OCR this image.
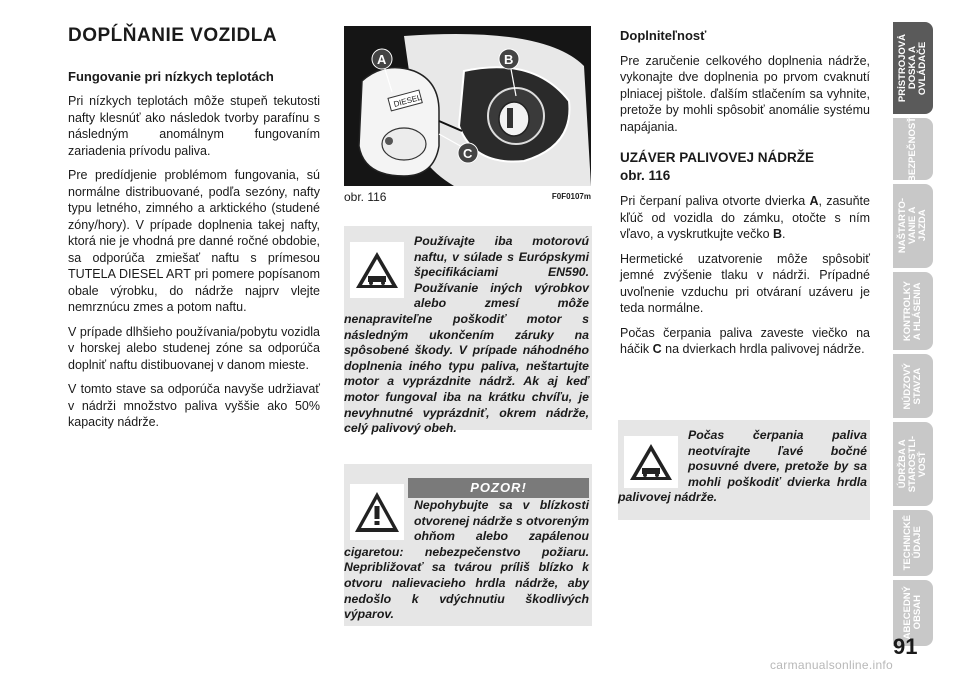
DOPĹŇANIE VOZIDLA
Fungovanie pri nízkych teplotách

Pri nízkych teplotách môže stupeň tekutosti nafty klesnúť ako následok tvorby parafínu s následným anomálnym fungovaním zariadenia prívodu paliva.

Pre predídjenie problémom fungovania, sú normálne distribuované, podľa sezóny, nafty typu letného, zimného a arktického (studené zóny/hory). V prípade doplnenia takej nafty, ktorá nie je vhodná pre danné ročné obdobie, sa odporúča zmiešať naftu s prímesou TUTELA DIESEL ART pri pomere popísanom obale výrobku, do nádrže najprv vlejte nemrznúcu zmes a potom naftu.

V prípade dlhšieho používania/pobytu vozidla v horskej alebo studenej zóne sa odporúča doplniť naftu distibuovanej v danom mieste.

V tomto stave sa odporúča navyše udržiavať v nádrži množstvo paliva vyššie ako 50% kapacity nádrže.

DIESEL
A	B
C
obr. 116	F0F0107m
Používajte iba motorovú naftu, v súlade s Európskymi špecifikáciami EN590. Používanie iných výrobkov alebo zmesí môže nenapraviteľne poškodiť motor s následným ukončením záruky na spôsobené škody. V prípade náhodného doplnenia iného typu paliva, neštartujte motor a vyprázdnite nádrž. Ak aj keď motor fungoval iba na krátku chvíľu, je nevyhnutné vyprázdniť, okrem nádrže, celý palivový obeh.
POZOR!
Nepohybujte sa v blízkosti otvorenej nádrže s otvoreným ohňom alebo zapálenou cigaretou: nebezpečenstvo požiaru. Nepribližovať sa tvárou príliš blízko k otvoru nalievacieho hrdla nádrže, aby nedošlo k vdýchnutiu škodlivých výparov.
Doplniteľnosť

Pre zaručenie celkového doplnenia nádrže, vykonajte dve doplnenia po prvom cvaknutí plniacej pištole. ďalším stlačením sa vyhnite, pretože by mohli spôsobiť anomálie systému napájania.

UZÁVER PALIVOVEJ NÁDRŽE
obr. 116

Pri čerpaní paliva otvorte dvierka A, zasuňte kľúč od vozidla do zámku, otočte s ním vľavo, a vyskrutkujte večko B.

Hermetické uzatvorenie môže spôsobiť jemné zvýšenie tlaku v nádrži. Prípadné uvoľnenie vzduchu pri otváraní uzáveru je teda normálne.

Počas čerpania paliva zaveste viečko na háčik C na dvierkach hrdla palivovej nádrže.

Počas čerpania paliva neotvírajte ľavé bočné posuvné dvere, pretože by sa mohli poškodiť dvierka hrdla palivovej nádrže.
PRÍSTROJOVÁ
DOSKA A
OVLÁDAČE
BEZPEČNOSŤ
NAŠTARTO-
VANIE A
JAZDA
KONTROLKY
A HLÁSENIA
NÚDZOVÝ
STAVZA
ÚDRŽBA A
STAROSTLI-
VOSŤ
TECHNICKÉ
ÚDAJE
ABECEDNÝ
OBSAH
91
carmanualsonline.info
